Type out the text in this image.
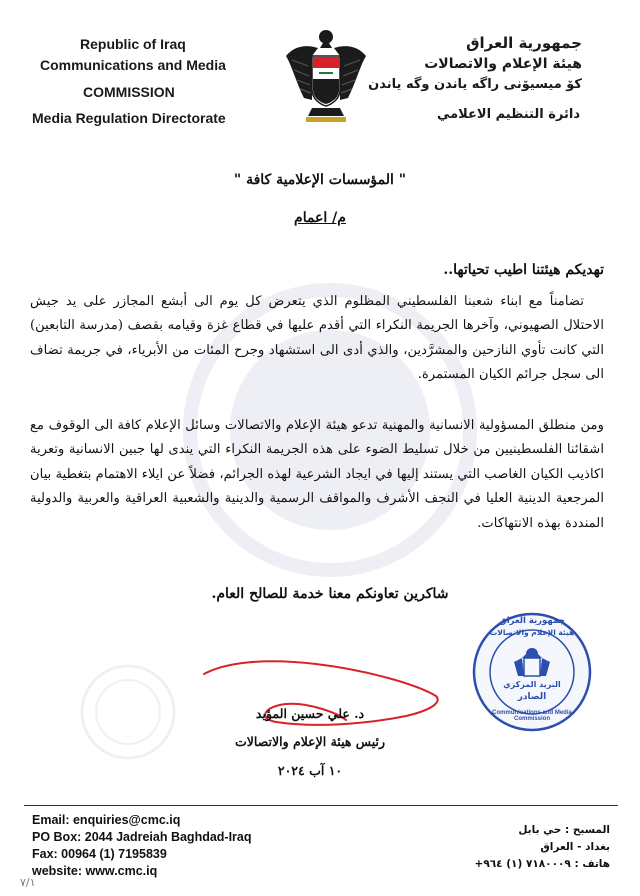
Republic of Iraq
Communications and Media
COMMISSION
Media Regulation Directorate
جمهورية العراق
هيئة الإعلام والاتصالات
كۆ ميسيۆنى راگه ياندن وگه ياندن
دائرة التنظيم الاعلامي
" المؤسسات الإعلامية كافة "
م/ اعمام
تهديكم هيئتنا اطيب تحياتها..
تضامناً مع ابناء شعبنا الفلسطيني المظلوم الذي يتعرض كل يوم الى أبشع المجازر على يد جيش الاحتلال الصهيوني، وآخرها الجريمة النكراء التي أقدم عليها في قطاع غزة وقيامه بقصف (مدرسة التابعين) التي كانت تأوي النازحين والمشرَّدين، والذي أدى الى استشهاد وجرح المئات من الأبرياء، في جريمة تضاف الى سجل جرائم الكيان المستمرة.
ومن منطلق المسؤولية الانسانية والمهنية تدعو هيئة الإعلام والاتصالات وسائل الإعلام كافة الى الوقوف مع اشقائنا الفلسطينيين من خلال تسليط الضوء على هذه الجريمة النكراء التي يندى لها جبين الانسانية وتعرية اكاذيب الكيان الغاصب التي يستند إليها في ايجاد الشرعية لهذه الجرائم، فضلاً عن ايلاء الاهتمام بتغطية بيان المرجعية الدينية العليا في النجف الأشرف والمواقف الرسمية والدينية والشعبية العراقية والعربية والدولية المنددة بهذه الانتهاكات.
شاكرين تعاونكم معنا خدمة للصالح العام.
جمهورية العراق
هيئة الإعلام والاتصالات
البريد المركزي
الصادر
Communications and Media Commission
د. علي حسين المؤيد
رئيس هيئة الإعلام والاتصالات
١٠ آب ٢٠٢٤
Email: enquiries@cmc.iq
PO Box: 2044 Jadreiah Baghdad-Iraq
Fax: 00964 (1) 7195839
website: www.cmc.iq
المسبح : حي بابل
بغداد - العراق
هاتف : ٧١٨٠٠٠٩ (١) ٩٦٤+
٧/١
